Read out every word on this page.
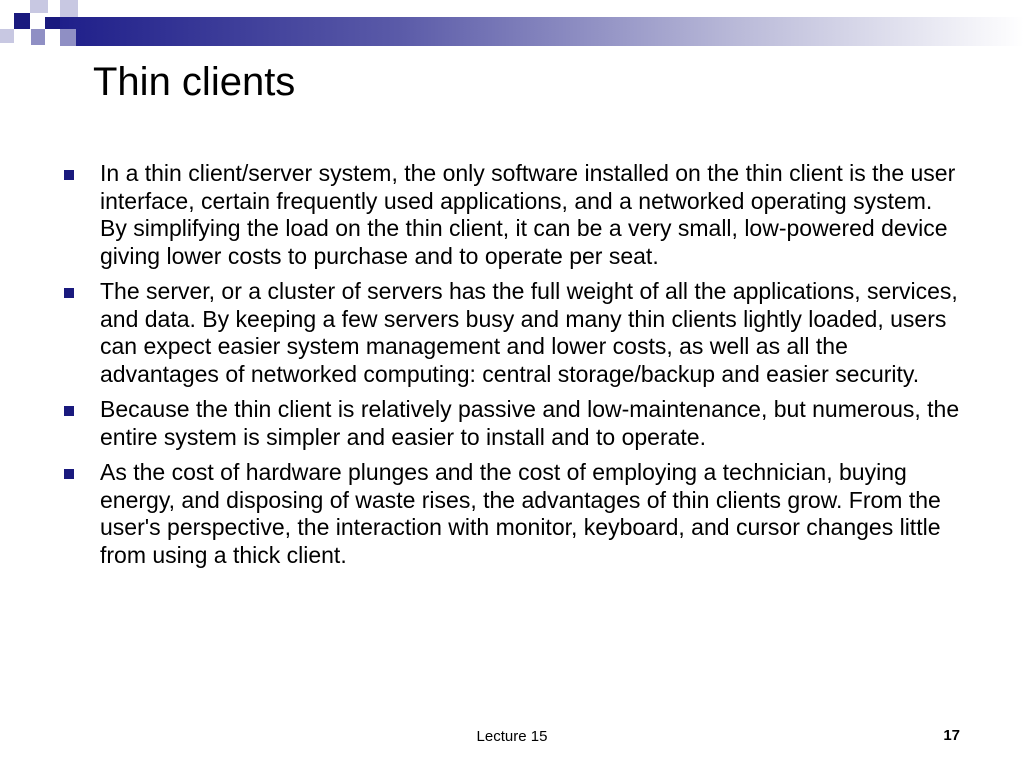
Thin clients
In a thin client/server system, the only software installed on the thin client is the user interface, certain frequently used applications, and a networked operating system. By simplifying the load on the thin client, it can be a very small, low-powered device giving lower costs to purchase and to operate per seat.
The server, or a cluster of servers has the full weight of all the applications, services, and data. By keeping a few servers busy and many thin clients lightly loaded, users can expect easier system management and lower costs, as well as all the advantages of networked computing: central storage/backup and easier security.
Because the thin client is relatively passive and low-maintenance, but numerous, the entire system is simpler and easier to install and to operate.
As the cost of hardware plunges and the cost of employing a technician, buying energy, and disposing of waste rises, the advantages of thin clients grow. From the user's perspective, the interaction with monitor, keyboard, and cursor changes little from using a thick client.
Lecture 15	17
